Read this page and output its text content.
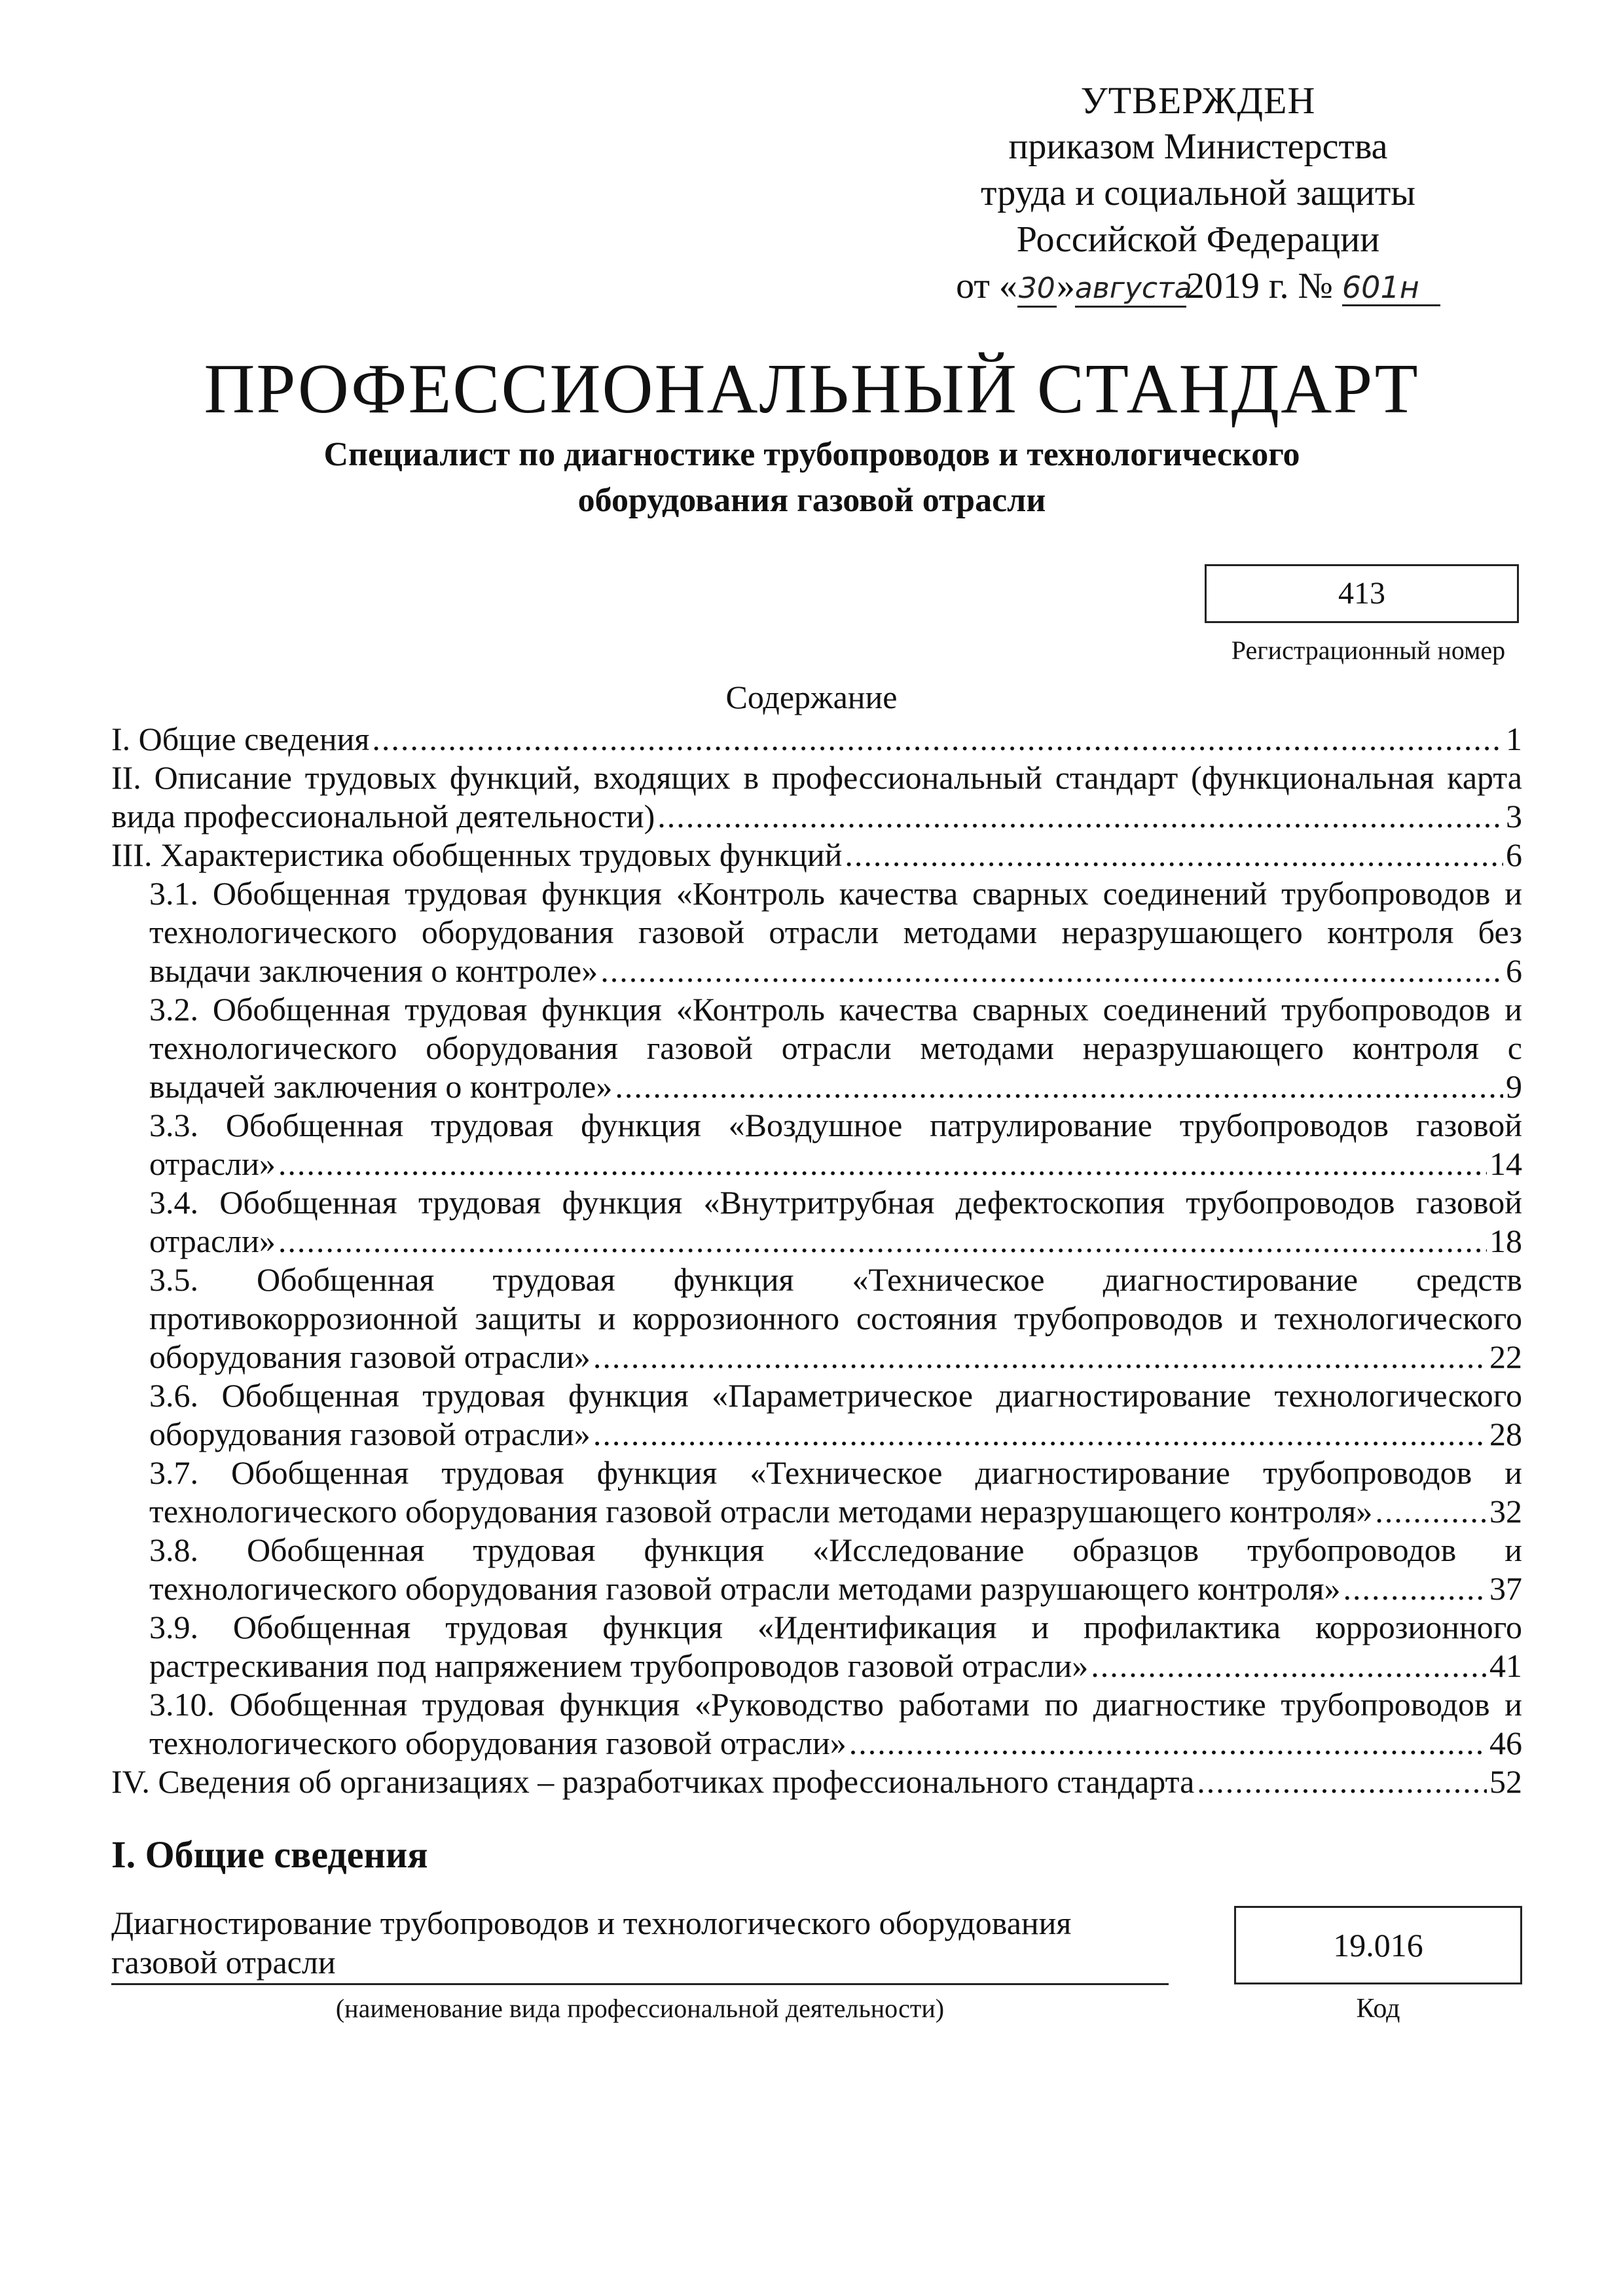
УТВЕРЖДЕН
приказом Министерства
труда и социальной защиты
Российской Федерации
от «30»августа2019 г. № 601н
ПРОФЕССИОНАЛЬНЫЙ СТАНДАРТ
Специалист по диагностике трубопроводов и технологического
оборудования газовой отрасли
413
Регистрационный номер
Содержание
I. Общие сведения .....	1
II. Описание трудовых функций, входящих в профессиональный стандарт (функциональная карта
вида профессиональной деятельности) .....	3
III. Характеристика обобщенных трудовых функций .....	6
3.1. Обобщенная трудовая функция «Контроль качества сварных соединений трубопроводов и технологического оборудования газовой отрасли методами неразрушающего контроля без
выдачи заключения о контроле» .....	6
3.2. Обобщенная трудовая функция «Контроль качества сварных соединений трубопроводов и технологического оборудования газовой отрасли методами неразрушающего контроля с
выдачей заключения о контроле» .....	9
3.3. Обобщенная трудовая функция «Воздушное патрулирование трубопроводов газовой
отрасли» .....	14
3.4. Обобщенная трудовая функция «Внутритрубная дефектоскопия трубопроводов газовой
отрасли» .....	18
3.5. Обобщенная трудовая функция «Техническое диагностирование средств противокоррозионной защиты и коррозионного состояния трубопроводов и технологического
оборудования газовой отрасли» .....	22
3.6. Обобщенная трудовая функция «Параметрическое диагностирование технологического
оборудования газовой отрасли» .....	28
3.7. Обобщенная трудовая функция «Техническое диагностирование трубопроводов и
технологического оборудования газовой отрасли методами неразрушающего контроля» .....	32
3.8. Обобщенная трудовая функция «Исследование образцов трубопроводов и
технологического оборудования газовой отрасли методами разрушающего контроля» .....	37
3.9. Обобщенная трудовая функция «Идентификация и профилактика коррозионного
растрескивания под напряжением трубопроводов газовой отрасли» .....	41
3.10. Обобщенная трудовая функция «Руководство работами по диагностике трубопроводов и
технологического оборудования газовой отрасли» .....	46
IV. Сведения об организациях – разработчиках профессионального стандарта .....	52
I. Общие сведения
Диагностирование трубопроводов и технологического оборудования
газовой отрасли
(наименование вида профессиональной деятельности)
19.016
Код
